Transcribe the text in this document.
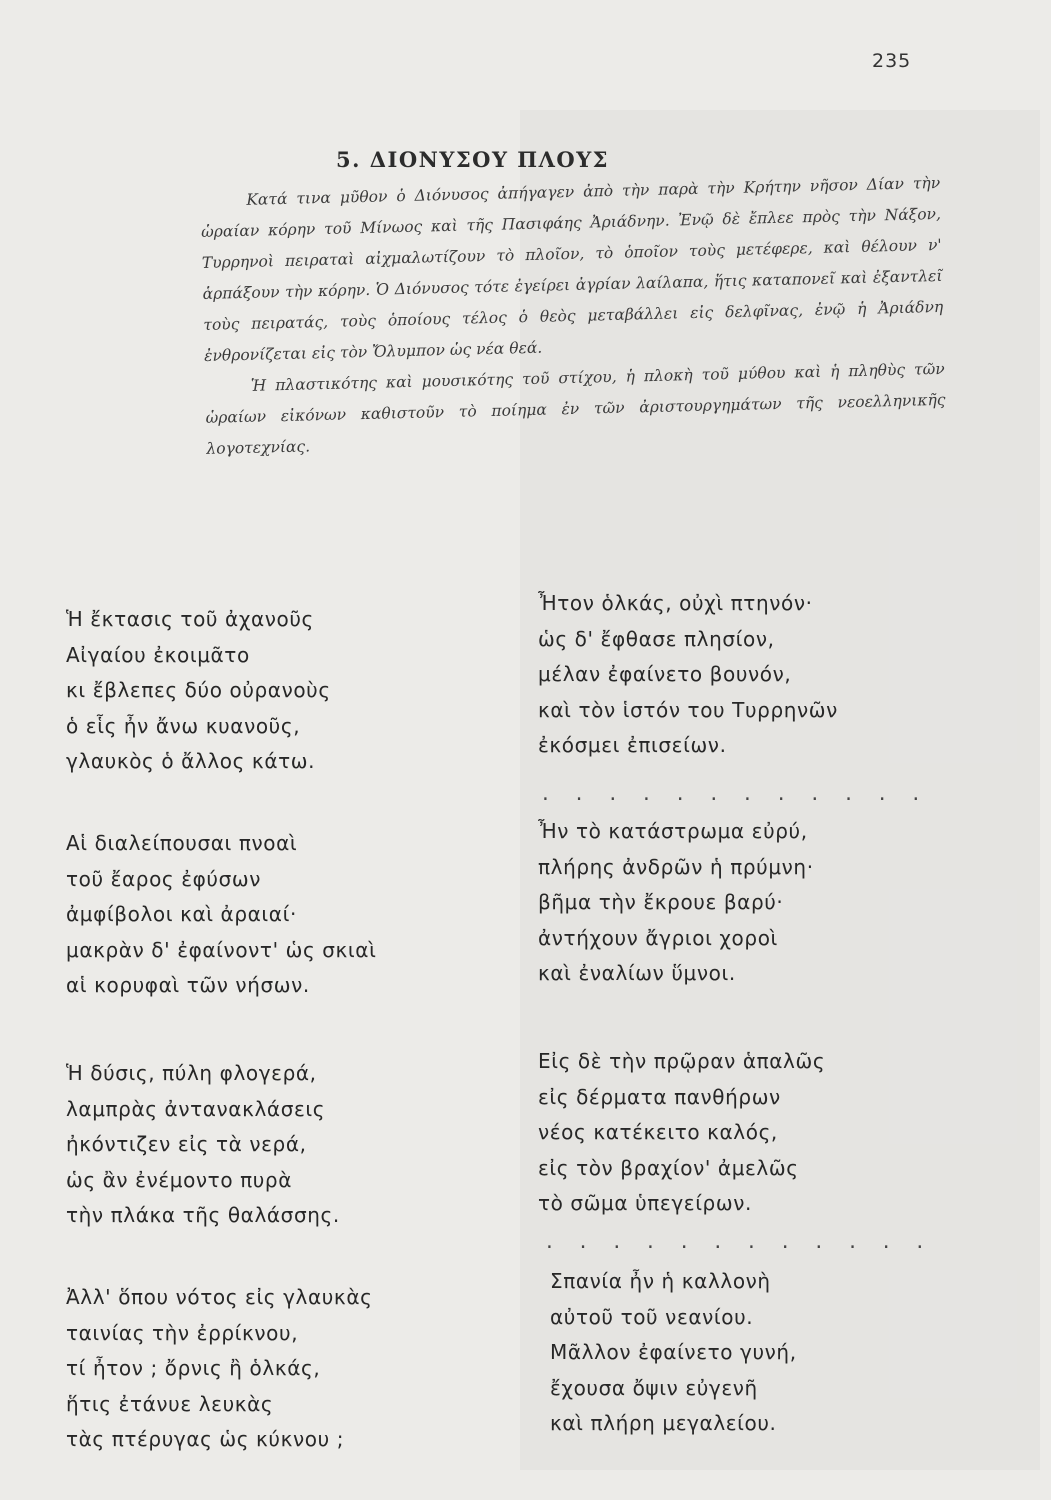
235
5. ΔΙΟΝΥΣΟΥ ΠΛΟΥΣ

Κατά τινα μῦθον ὁ Διόνυσος ἀπήγαγεν ἀπὸ τὴν παρὰ τὴν Κρήτην νῆσον Δίαν τὴν ὡραίαν κόρην τοῦ Μίνωος καὶ τῆς Πασιφάης Ἀριάδνην. Ἐνῷ δὲ ἔπλεε πρὸς τὴν Νάξον, Τυρρηνοὶ πειραταὶ αἰχμαλωτίζουν τὸ πλοῖον, τὸ ὁποῖον τοὺς μετέφερε, καὶ θέλουν ν' ἁρπάξουν τὴν κόρην. Ὁ Διόνυσος τότε ἐγείρει ἀγρίαν λαίλαπα, ἥτις καταπονεῖ καὶ ἐξαντλεῖ τοὺς πειρατάς, τοὺς ὁποίους τέλος ὁ θεὸς μεταβάλλει εἰς δελφῖνας, ἐνῷ ἡ Ἀριάδνη ἐνθρονίζεται εἰς τὸν Ὄλυμπον ὡς νέα θεά.

Ἡ πλαστικότης καὶ μουσικότης τοῦ στίχου, ἡ πλοκὴ τοῦ μύθου καὶ ἡ πληθὺς τῶν ὡραίων εἰκόνων καθιστοῦν τὸ ποίημα ἐν τῶν ἀριστουργημάτων τῆς νεοελληνικῆς λογοτεχνίας.

Ἡ ἔκτασις τοῦ ἀχανοῦς
Αἰγαίου ἐκοιμᾶτο
κι ἔβλεπες δύο οὐρανοὺς
ὁ εἷς ἦν ἄνω κυανοῦς,
γλαυκὸς ὁ ἄλλος κάτω.
Αἱ διαλείπουσαι πνοαὶ
τοῦ ἔαρος ἐφύσων
ἀμφίβολοι καὶ ἀραιαί·
μακρὰν δ' ἐφαίνοντ' ὡς σκιαὶ
αἱ κορυφαὶ τῶν νήσων.
Ἡ δύσις, πύλη φλογερά,
λαμπρὰς ἀντανακλάσεις
ἠκόντιζεν εἰς τὰ νερά,
ὡς ἂν ἐνέμοντο πυρὰ
τὴν πλάκα τῆς θαλάσσης.
Ἀλλ' ὅπου νότος εἰς γλαυκὰς
ταινίας τὴν ἐρρίκνου,
τί ἦτον ; ὄρνις ἢ ὁλκάς,
ἥτις ἐτάνυε λευκὰς
τὰς πτέρυγας ὡς κύκνου ;
Ἦτον ὁλκάς, οὐχὶ πτηνόν·
ὡς δ' ἔφθασε πλησίον,
μέλαν ἐφαίνετο βουνόν,
καὶ τὸν ἱστόν του Τυρρηνῶν
ἐκόσμει ἐπισείων.
. . . . . . . . . . . .
Ἦν τὸ κατάστρωμα εὐρύ,
πλήρης ἀνδρῶν ἡ πρύμνη·
βῆμα τὴν ἔκρουε βαρύ·
ἀντήχουν ἄγριοι χοροὶ
καὶ ἐναλίων ὕμνοι.
Εἰς δὲ τὴν πρῷραν ἁπαλῶς
εἰς δέρματα πανθήρων
νέος κατέκειτο καλός,
εἰς τὸν βραχίον' ἀμελῶς
τὸ σῶμα ὑπεγείρων.
. . . . . . . . . . . .
Σπανία ἦν ἡ καλλονὴ
αὐτοῦ τοῦ νεανίου.
Μᾶλλον ἐφαίνετο γυνή,
ἔχουσα ὄψιν εὐγενῆ
καὶ πλήρη μεγαλείου.
